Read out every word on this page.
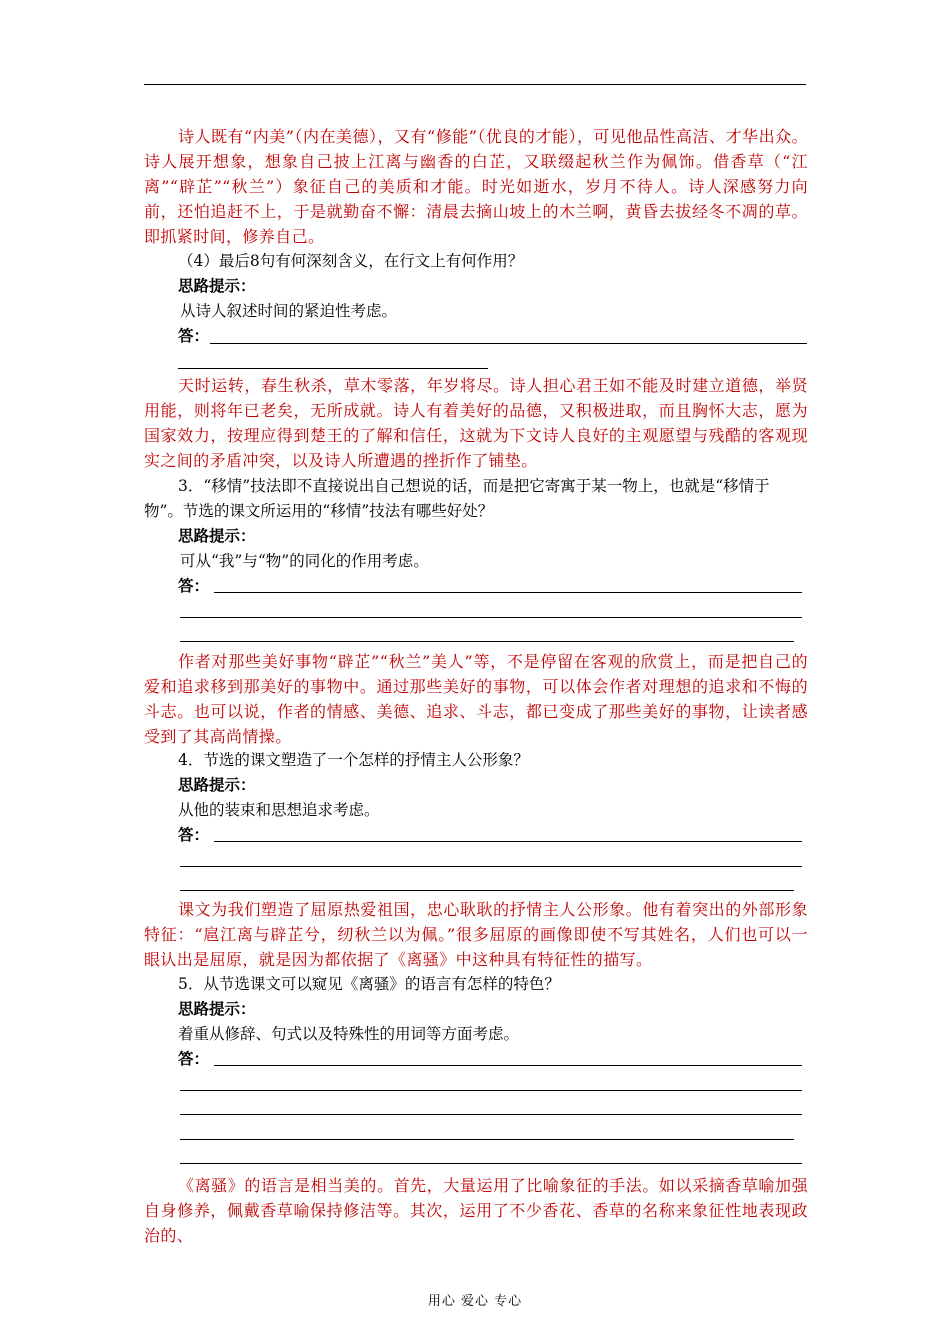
诗人既有“内美”（内在美德），又有“修能”（优良的才能），可见他品性高洁、才华出众。诗人展开想象，想象自己披上江离与幽香的白芷，又联缀起秋兰作为佩饰。借香草（“江离”“辟芷”“秋兰”）象征自己的美质和才能。时光如逝水，岁月不待人。诗人深感努力向前，还怕追赶不上，于是就勤奋不懈：清晨去摘山坡上的木兰啊，黄昏去拔经冬不凋的草。即抓紧时间，修养自己。

（4）最后8句有何深刻含义，在行文上有何作用？

思路提示：
从诗人叙述时间的紧迫性考虑。
答：

天时运转，春生秋杀，草木零落，年岁将尽。诗人担心君王如不能及时建立道德，举贤用能，则将年已老矣，无所成就。诗人有着美好的品德，又积极进取，而且胸怀大志，愿为国家效力，按理应得到楚王的了解和信任，这就为下文诗人良好的主观愿望与残酷的客观现实之间的矛盾冲突，以及诗人所遭遇的挫折作了铺垫。

3．“移情”技法即不直接说出自己想说的话，而是把它寄寓于某一物上，也就是“移情于物”。节选的课文所运用的“移情”技法有哪些好处？

思路提示：
可从“我”与“物”的同化的作用考虑。
答：

作者对那些美好事物“辟芷”“秋兰”美人”等，不是停留在客观的欣赏上，而是把自己的爱和追求移到那美好的事物中。通过那些美好的事物，可以体会作者对理想的追求和不悔的斗志。也可以说，作者的情感、美德、追求、斗志，都已变成了那些美好的事物，让读者感受到了其高尚情操。

4．节选的课文塑造了一个怎样的抒情主人公形象？

思路提示：
从他的装束和思想追求考虑。
答：

课文为我们塑造了屈原热爱祖国，忠心耿耿的抒情主人公形象。他有着突出的外部形象特征：“扈江离与辟芷兮，纫秋兰以为佩。”很多屈原的画像即使不写其姓名，人们也可以一眼认出是屈原，就是因为都依据了《离骚》中这种具有特征性的描写。

5．从节选课文可以窥见《离骚》的语言有怎样的特色？

思路提示：
着重从修辞、句式以及特殊性的用词等方面考虑。
答：

《离骚》的语言是相当美的。首先，大量运用了比喻象征的手法。如以采摘香草喻加强自身修养，佩戴香草喻保持修洁等。其次，运用了不少香花、香草的名称来象征性地表现政治的、

用心 爱心 专心
